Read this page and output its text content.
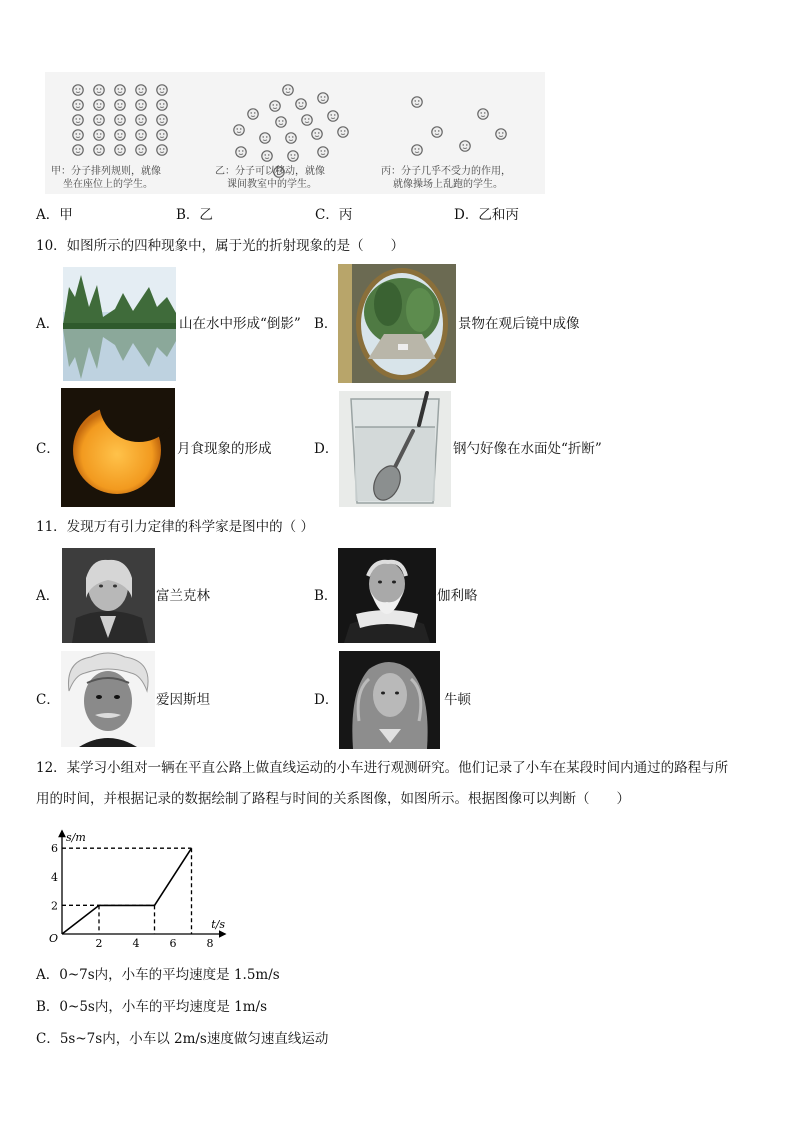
甲：分子排列规则，就像
坐在座位上的学生。
乙：分子可以移动，就像
课间教室中的学生。
丙：分子几乎不受力的作用，
就像操场上乱跑的学生。
A．甲	B．乙	C．丙	D．乙和丙
10．如图所示的四种现象中，属于光的折射现象的是（　　）
A．	山在水中形成“倒影” B．	景物在观后镜中成像
C．	月食现象的形成	D．	钢勺好像在水面处“折断”
11．发现万有引力定律的科学家是图中的（ ）
A．	富兰克林	B．	伽利略
C．	爱因斯坦	D．	牛顿
12．某学习小组对一辆在平直公路上做直线运动的小车进行观测研究。他们记录了小车在某段时间内通过的路程与所
用的时间，并根据记录的数据绘制了路程与时间的关系图像，如图所示。根据图像可以判断（　　）
2	4	6	8
2
4
6
O
s/m
t/s
A．0~7s内，小车的平均速度是 1.5m/s
B．0~5s内，小车的平均速度是 1m/s
C．5s~7s内，小车以 2m/s速度做匀速直线运动
